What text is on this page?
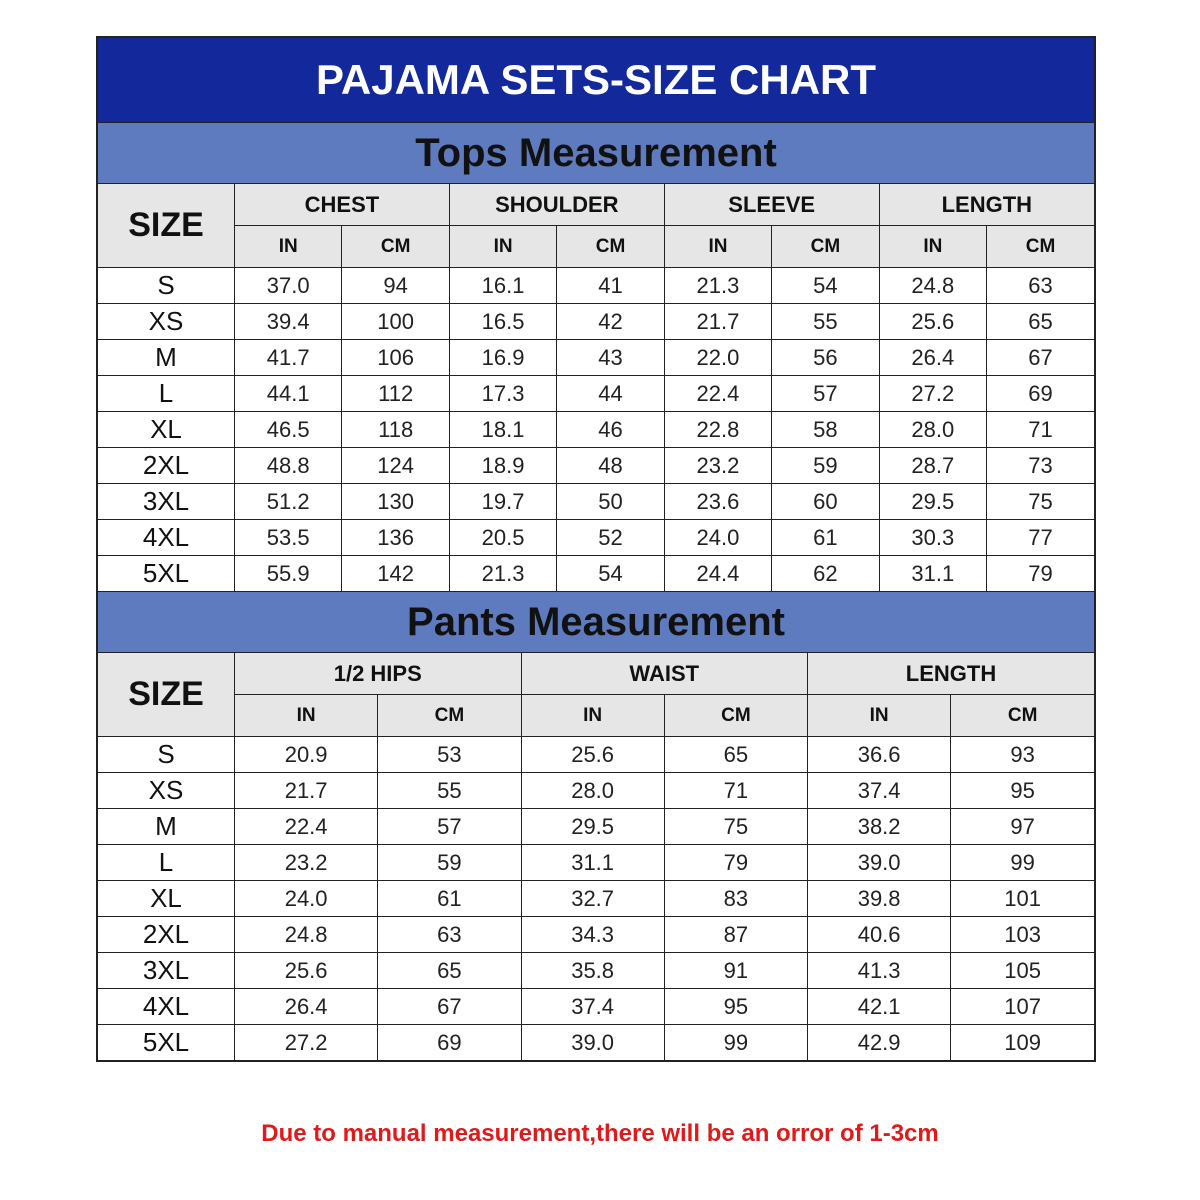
PAJAMA SETS-SIZE CHART
Tops Measurement
SIZE	CHEST		SHOULDER		SLEEVE		LENGTH	
	IN	CM	IN	CM	IN	CM	IN	CM
S	37.0	94	16.1	41	21.3	54	24.8	63
XS	39.4	100	16.5	42	21.7	55	25.6	65
M	41.7	106	16.9	43	22.0	56	26.4	67
L	44.1	112	17.3	44	22.4	57	27.2	69
XL	46.5	118	18.1	46	22.8	58	28.0	71
2XL	48.8	124	18.9	48	23.2	59	28.7	73
3XL	51.2	130	19.7	50	23.6	60	29.5	75
4XL	53.5	136	20.5	52	24.0	61	30.3	77
5XL	55.9	142	21.3	54	24.4	62	31.1	79
Pants Measurement
SIZE	1/2 HIPS		WAIST		LENGTH	
	IN	CM	IN	CM	IN	CM
S	20.9	53	25.6	65	36.6	93
XS	21.7	55	28.0	71	37.4	95
M	22.4	57	29.5	75	38.2	97
L	23.2	59	31.1	79	39.0	99
XL	24.0	61	32.7	83	39.8	101
2XL	24.8	63	34.3	87	40.6	103
3XL	25.6	65	35.8	91	41.3	105
4XL	26.4	67	37.4	95	42.1	107
5XL	27.2	69	39.0	99	42.9	109
Due to manual measurement,there will be an orror of 1-3cm
